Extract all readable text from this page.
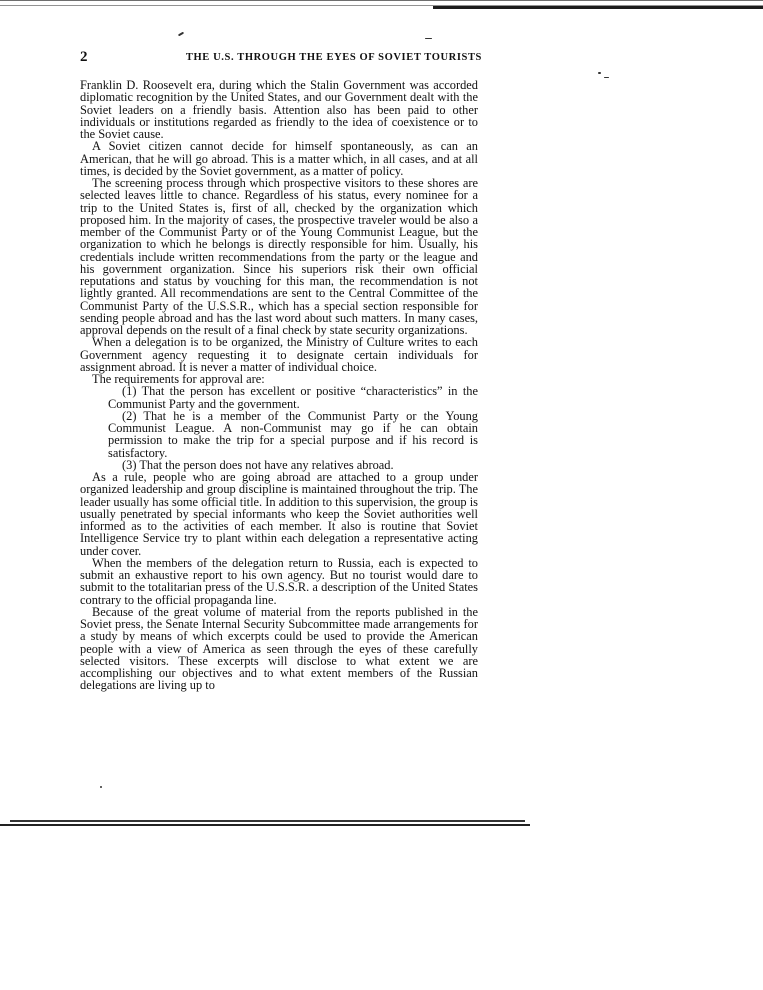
2	THE U.S. THROUGH THE EYES OF SOVIET TOURISTS

Franklin D. Roosevelt era, during which the Stalin Government was accorded diplomatic recognition by the United States, and our Government dealt with the Soviet leaders on a friendly basis. Attention also has been paid to other individuals or institutions regarded as friendly to the idea of coexistence or to the Soviet cause.

A Soviet citizen cannot decide for himself spontaneously, as can an American, that he will go abroad. This is a matter which, in all cases, and at all times, is decided by the Soviet government, as a matter of policy.

The screening process through which prospective visitors to these shores are selected leaves little to chance. Regardless of his status, every nominee for a trip to the United States is, first of all, checked by the organization which proposed him. In the majority of cases, the prospective traveler would be also a member of the Communist Party or of the Young Communist League, but the organization to which he belongs is directly responsible for him. Usually, his credentials include written recommendations from the party or the league and his government organization. Since his superiors risk their own official reputations and status by vouching for this man, the recommendation is not lightly granted. All recommendations are sent to the Central Committee of the Communist Party of the U.S.S.R., which has a special section responsible for sending people abroad and has the last word about such matters. In many cases, approval depends on the result of a final check by state security organizations.

When a delegation is to be organized, the Ministry of Culture writes to each Government agency requesting it to designate certain individuals for assignment abroad. It is never a matter of individual choice.

The requirements for approval are:

(1) That the person has excellent or positive “characteristics” in the Communist Party and the government.

(2) That he is a member of the Communist Party or the Young Communist League. A non-Communist may go if he can obtain permission to make the trip for a special purpose and if his record is satisfactory.

(3) That the person does not have any relatives abroad.

As a rule, people who are going abroad are attached to a group under organized leadership and group discipline is maintained throughout the trip. The leader usually has some official title. In addition to this supervision, the group is usually penetrated by special informants who keep the Soviet authorities well informed as to the activities of each member. It also is routine that Soviet Intelligence Service try to plant within each delegation a representative acting under cover.

When the members of the delegation return to Russia, each is expected to submit an exhaustive report to his own agency. But no tourist would dare to submit to the totalitarian press of the U.S.S.R. a description of the United States contrary to the official propaganda line.

Because of the great volume of material from the reports published in the Soviet press, the Senate Internal Security Subcommittee made arrangements for a study by means of which excerpts could be used to provide the American people with a view of America as seen through the eyes of these carefully selected visitors. These excerpts will disclose to what extent we are accomplishing our objectives and to what extent members of the Russian delegations are living up to
